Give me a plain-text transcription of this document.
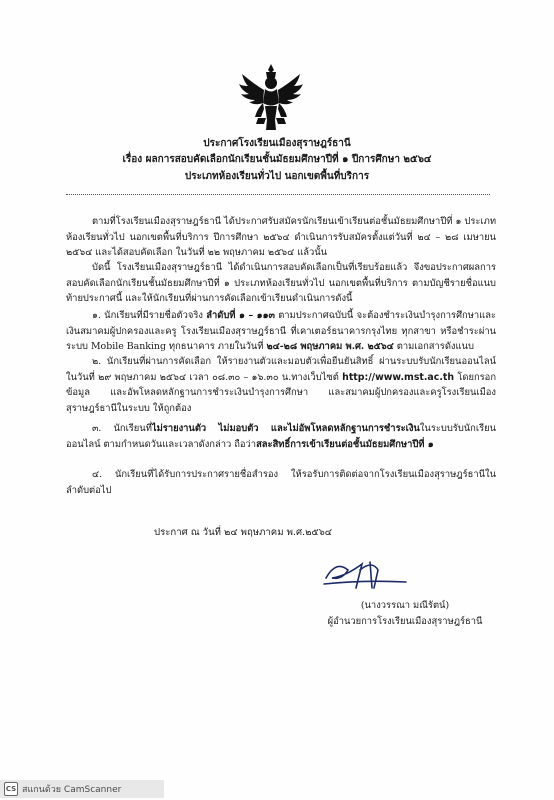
ประกาศโรงเรียนเมืองสุราษฎร์ธานี
เรื่อง ผลการสอบคัดเลือกนักเรียนชั้นมัธยมศึกษาปีที่ ๑ ปีการศึกษา ๒๕๖๔
ประเภทห้องเรียนทั่วไป นอกเขตพื้นที่บริการ
ตามที่โรงเรียนเมืองสุราษฎร์ธานี ได้ประกาศรับสมัครนักเรียนเข้าเรียนต่อชั้นมัธยมศึกษาปีที่ ๑ ประเภทห้องเรียนทั่วไป นอกเขตพื้นที่บริการ ปีการศึกษา ๒๕๖๔ ดำเนินการรับสมัครตั้งแต่วันที่ ๒๔ – ๒๘ เมษายน ๒๕๖๔ และได้สอบคัดเลือก ในวันที่ ๒๒ พฤษภาคม ๒๕๖๔ แล้วนั้น
บัดนี้ โรงเรียนเมืองสุราษฎร์ธานี ได้ดำเนินการสอบคัดเลือกเป็นที่เรียบร้อยแล้ว จึงขอประกาศผลการสอบคัดเลือกนักเรียนชั้นมัธยมศึกษาปีที่ ๑ ประเภทห้องเรียนทั่วไป นอกเขตพื้นที่บริการ ตามบัญชีรายชื่อแนบท้ายประกาศนี้ และให้นักเรียนที่ผ่านการคัดเลือกเข้าเรียนดำเนินการดังนี้
๑. นักเรียนที่มีรายชื่อตัวจริง ลำดับที่ ๑ – ๑๑๓ ตามประกาศฉบับนี้ จะต้องชำระเงินบำรุงการศึกษาและเงินสมาคมผู้ปกครองและครู โรงเรียนเมืองสุราษฎร์ธานี ที่เคาเตอร์ธนาคารกรุงไทย ทุกสาขา หรือชำระผ่านระบบ Mobile Banking ทุกธนาคาร ภายในวันที่ ๒๔-๒๘ พฤษภาคม พ.ศ. ๒๕๖๔ ตามเอกสารดังแนบ
๒. นักเรียนที่ผ่านการคัดเลือก ให้รายงานตัวและมอบตัวเพื่อยืนยันสิทธิ์ ผ่านระบบรับนักเรียนออนไลน์ ในวันที่ ๒๙ พฤษภาคม ๒๕๖๔ เวลา ๐๘.๓๐ – ๑๖.๓๐ น.ทางเว็บไซต์ http://www.mst.ac.th โดยกรอกข้อมูล และอัพโหลดหลักฐานการชำระเงินบำรุงการศึกษา และสมาคมผู้ปกครองและครูโรงเรียนเมืองสุราษฎร์ธานีในระบบ ให้ถูกต้อง
๓. นักเรียนที่ไม่รายงานตัว ไม่มอบตัว และไม่อัพโหลดหลักฐานการชำระเงินในระบบรับนักเรียนออนไลน์ ตามกำหนดวันและเวลาดังกล่าว ถือว่าสละสิทธิ์การเข้าเรียนต่อชั้นมัธยมศึกษาปีที่ ๑
๔. นักเรียนที่ได้รับการประกาศรายชื่อสำรอง ให้รอรับการติดต่อจากโรงเรียนเมืองสุราษฎร์ธานีในลำดับต่อไป
ประกาศ ณ วันที่ ๒๔ พฤษภาคม พ.ศ.๒๕๖๔
(นางวรรณา มณีรัตน์)
ผู้อำนวยการโรงเรียนเมืองสุราษฎร์ธานี
CS สแกนด้วย CamScanner
